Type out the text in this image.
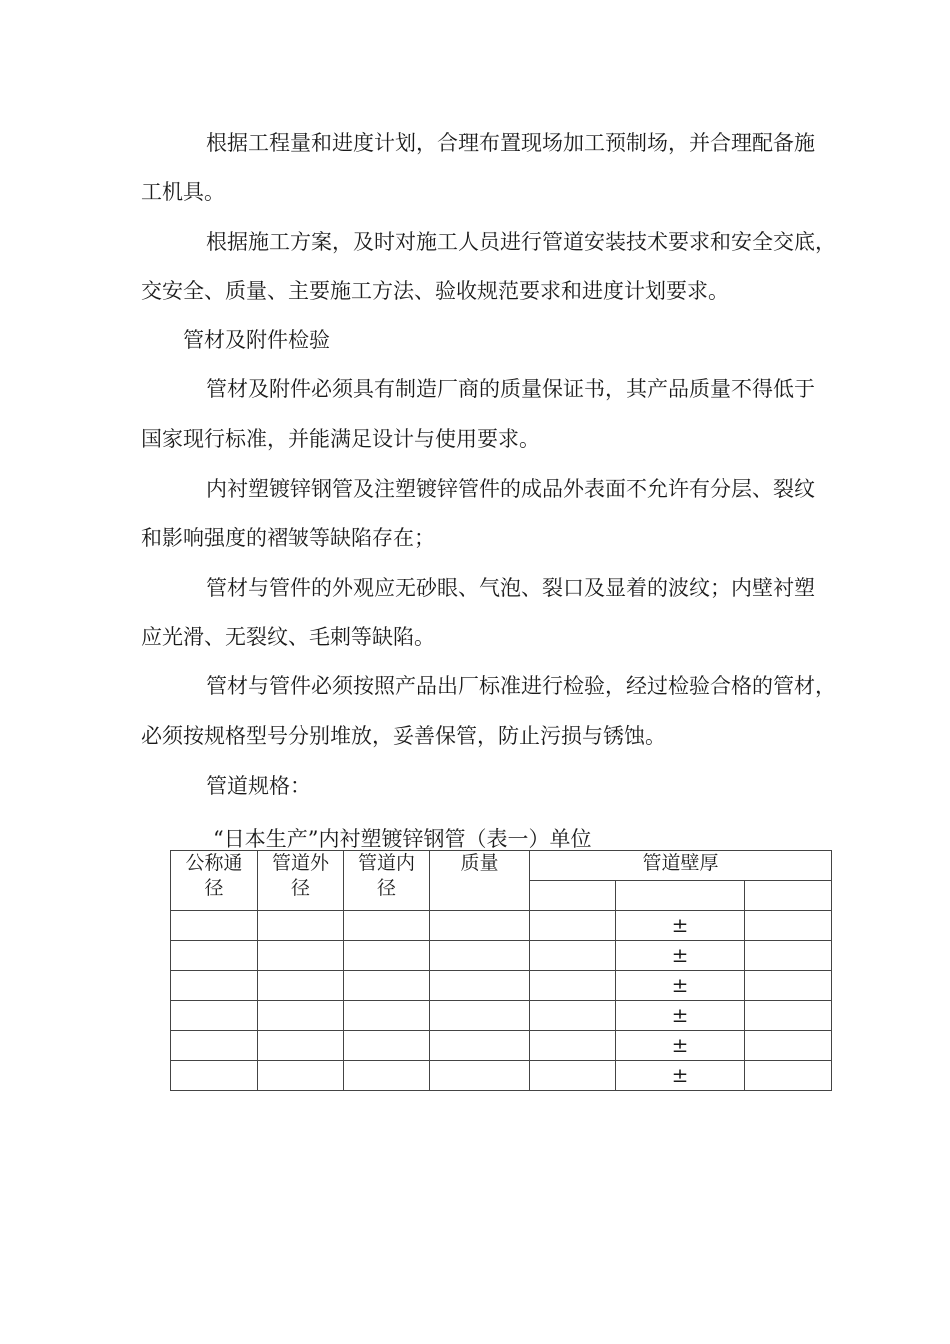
根据工程量和进度计划，合理布置现场加工预制场，并合理配备施
工机具。
根据施工方案，及时对施工人员进行管道安装技术要求和安全交底，
交安全、质量、主要施工方法、验收规范要求和进度计划要求。
管材及附件检验
管材及附件必须具有制造厂商的质量保证书，其产品质量不得低于
国家现行标准，并能满足设计与使用要求。
内衬塑镀锌钢管及注塑镀锌管件的成品外表面不允许有分层、裂纹
和影响强度的褶皱等缺陷存在；
管材与管件的外观应无砂眼、气泡、裂口及显着的波纹；内壁衬塑
应光滑、无裂纹、毛刺等缺陷。
管材与管件必须按照产品出厂标准进行检验，经过检验合格的管材，
必须按规格型号分别堆放，妥善保管，防止污损与锈蚀。
管道规格：
“日本生产”内衬塑镀锌钢管（表一）单位
公称通
径	管道外
径	管道内
径	质量	管道壁厚		

					±	
					±	
					±	
					±	
					±	
					±	
